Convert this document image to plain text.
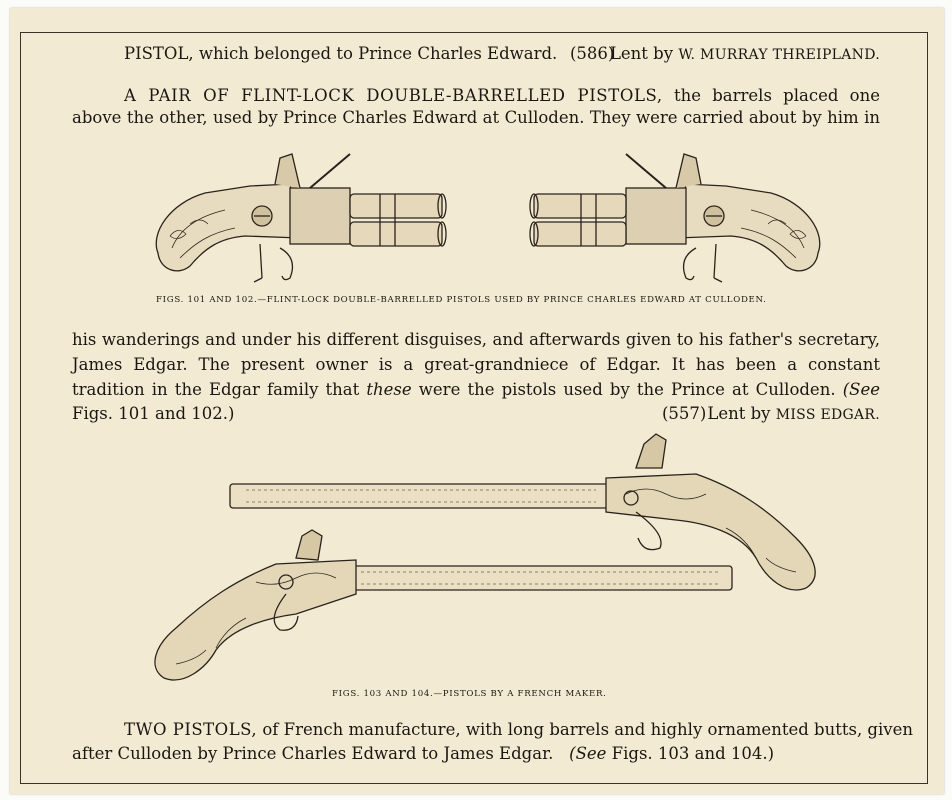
PISTOL, which belonged to Prince Charles Edward. (586)
Lent by W. MURRAY THREIPLAND.
A PAIR OF FLINT-LOCK DOUBLE-BARRELLED PISTOLS, the barrels placed one
above the other, used by Prince Charles Edward at Culloden. They were carried about by him in
FIGS. 101 AND 102.—FLINT-LOCK DOUBLE-BARRELLED PISTOLS USED BY PRINCE CHARLES EDWARD AT CULLODEN.
his wanderings and under his different disguises, and afterwards given to his father's secretary,
James Edgar. The present owner is a great-grandniece of Edgar. It has been a constant
tradition in the Edgar family that these were the pistols used by the Prince at Culloden. (See
Figs. 101 and 102.)	(557) Lent by MISS EDGAR.
FIGS. 103 AND 104.—PISTOLS BY A FRENCH MAKER.
TWO PISTOLS, of French manufacture, with long barrels and highly ornamented butts, given
after Culloden by Prince Charles Edward to James Edgar. (See Figs. 103 and 104.)
